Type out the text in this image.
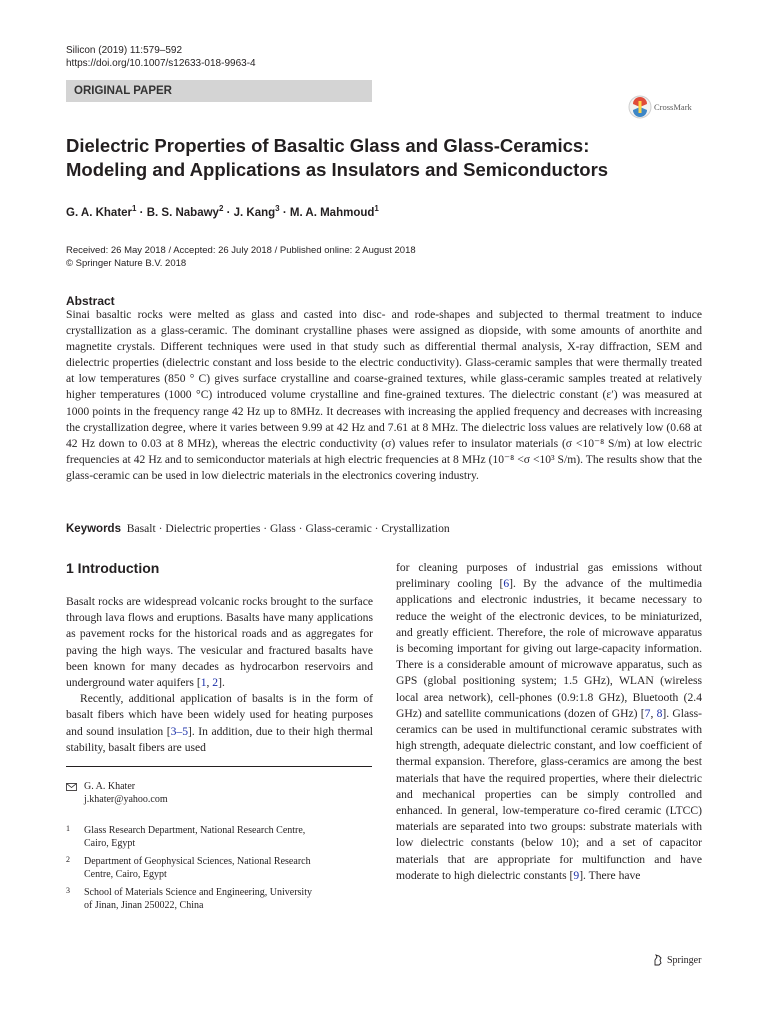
Silicon (2019) 11:579–592
https://doi.org/10.1007/s12633-018-9963-4
ORIGINAL PAPER
CrossMark
Dielectric Properties of Basaltic Glass and Glass-Ceramics: Modeling and Applications as Insulators and Semiconductors
G. A. Khater$^1$ · B. S. Nabawy$^2$ · J. Kang$^3$ · M. A. Mahmoud$^1$
Received: 26 May 2018 / Accepted: 26 July 2018 / Published online: 2 August 2018
© Springer Nature B.V. 2018
Abstract
Sinai basaltic rocks were melted as glass and casted into disc- and rode-shapes and subjected to thermal treatment to induce crystallization as a glass-ceramic. The dominant crystalline phases were assigned as diopside, with some amounts of anorthite and magnetite crystals. Different techniques were used in that study such as differential thermal analysis, X-ray diffraction, SEM and dielectric properties (dielectric constant and loss beside to the electric conductivity). Glass-ceramic samples that were thermally treated at low temperatures (850 ° C) gives surface crystalline and coarse-grained textures, while glass-ceramic samples treated at relatively higher temperatures (1000 °C) introduced volume crystalline and fine-grained textures. The dielectric constant (ε′) was measured at 1000 points in the frequency range 42 Hz up to 8MHz. It decreases with increasing the applied frequency and decreases with increasing the crystallization degree, where it varies between 9.99 at 42 Hz and 7.61 at 8 MHz. The dielectric loss values are relatively low (0.68 at 42 Hz down to 0.03 at 8 MHz), whereas the electric conductivity (σ) values refer to insulator materials (σ <10⁻⁸ S/m) at low electric frequencies at 42 Hz and to semiconductor materials at high electric frequencies at 8 MHz (10⁻⁸ <σ <10³ S/m). The results show that the glass-ceramic can be used in low dielectric materials in the electronics covering industry.
Keywords Basalt · Dielectric properties · Glass · Glass-ceramic · Crystallization
1 Introduction

Basalt rocks are widespread volcanic rocks brought to the surface through lava flows and eruptions. Basalts have many applications as pavement rocks for the historical roads and as aggregates for paving the high ways. The vesicular and fractured basalts have been known for many decades as hydrocarbon reservoirs and underground water aquifers [1, 2].

Recently, additional application of basalts is in the form of basalt fibers which have been widely used for heating purposes and sound insulation [3–5]. In addition, due to their high thermal stability, basalt fibers are used

for cleaning purposes of industrial gas emissions without preliminary cooling [6]. By the advance of the multimedia applications and electronic industries, it became necessary to reduce the weight of the electronic devices, to be miniaturized, and greatly efficient. Therefore, the role of microwave apparatus is becoming important for giving out large-capacity information. There is a considerable amount of microwave apparatus, such as GPS (global positioning system; 1.5 GHz), WLAN (wireless local area network), cell-phones (0.9:1.8 GHz), Bluetooth (2.4 GHz) and satellite communications (dozen of GHz) [7, 8]. Glass-ceramics can be used in multifunctional ceramic substrates with high strength, adequate dielectric constant, and low coefficient of thermal expansion. Therefore, glass-ceramics are among the best materials that have the required properties, where their dielectric and mechanical properties can be simply controlled and enhanced. In general, low-temperature co-fired ceramic (LTCC) materials are separated into two groups: substrate materials with low dielectric constants (below 10); and a set of capacitor materials that are appropriate for multifunction and have moderate to high dielectric constants [9]. There have

G. A. Khater
j.khater@yahoo.com
1 Glass Research Department, National Research Centre,
Cairo, Egypt
2 Department of Geophysical Sciences, National Research
Centre, Cairo, Egypt
3 School of Materials Science and Engineering, University
of Jinan, Jinan 250022, China
Springer
